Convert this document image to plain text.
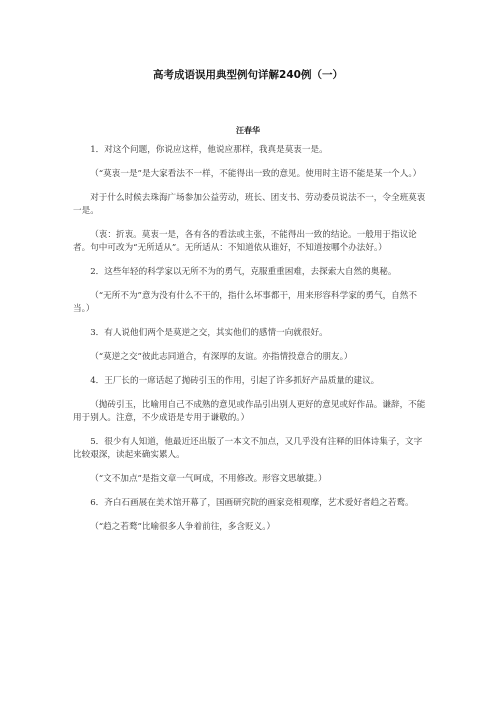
高考成语误用典型例句详解240例（一）
汪春华

1．对这个问题，你说应这样，他说应那样，我真是莫衷一是。

（“莫衷一是”是大家看法不一样，不能得出一致的意见。使用时主语不能是某一个人。）

对于什么时候去珠海广场参加公益劳动，班长、团支书、劳动委员说法不一，令全班莫衷一是。

（衷：折衷。莫衷一是，各有各的看法或主张，不能得出一致的结论。一般用于指议论者。句中可改为“无所适从”。无所适从：不知道依从谁好，不知道按哪个办法好。）

2．这些年轻的科学家以无所不为的勇气，克服重重困难，去探索大自然的奥秘。

（“无所不为”意为没有什么不干的，指什么坏事都干，用来形容科学家的勇气，自然不当。）

3．有人说他们两个是莫逆之交，其实他们的感情一向就很好。

（“莫逆之交”彼此志同道合，有深厚的友谊。亦指情投意合的朋友。）

4．王厂长的一席话起了抛砖引玉的作用，引起了许多抓好产品质量的建议。

（抛砖引玉，比喻用自己不成熟的意见或作品引出别人更好的意见或好作品。谦辞，不能用于别人。注意，不少成语是专用于谦敬的。）

5．很少有人知道，他最近还出版了一本文不加点，又几乎没有注释的旧体诗集子，文字比较艰深，读起来确实累人。

（“文不加点”是指文章一气呵成，不用修改。形容文思敏捷。）

6．齐白石画展在美术馆开幕了，国画研究院的画家竞相观摩，艺术爱好者趋之若鹜。

（“趋之若鹜”比喻很多人争着前往，多含贬义。）
